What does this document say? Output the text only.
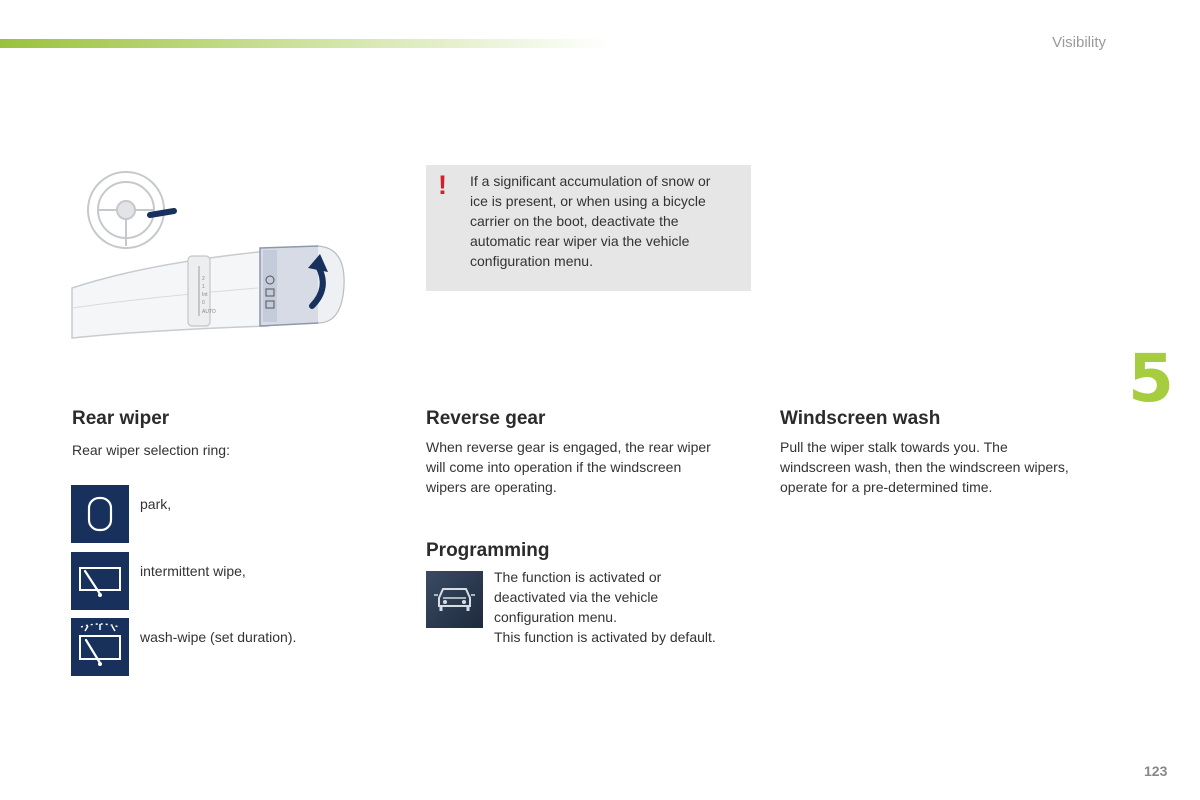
Visibility
5
123
2
1
Int
0
AUTO
! If a significant accumulation of snow or
ice is present, or when using a bicycle
carrier on the boot, deactivate the
automatic rear wiper via the vehicle
configuration menu.
Rear wiper

Rear wiper selection ring:

park,
intermittent wipe,
wash-wipe (set duration).
Reverse gear
When reverse gear is engaged, the rear wiper
will come into operation if the windscreen
wipers are operating.
Programming
The function is activated or
deactivated via the vehicle
configuration menu.
This function is activated by default.
Windscreen wash
Pull the wiper stalk towards you. The
windscreen wash, then the windscreen wipers,
operate for a pre-determined time.
